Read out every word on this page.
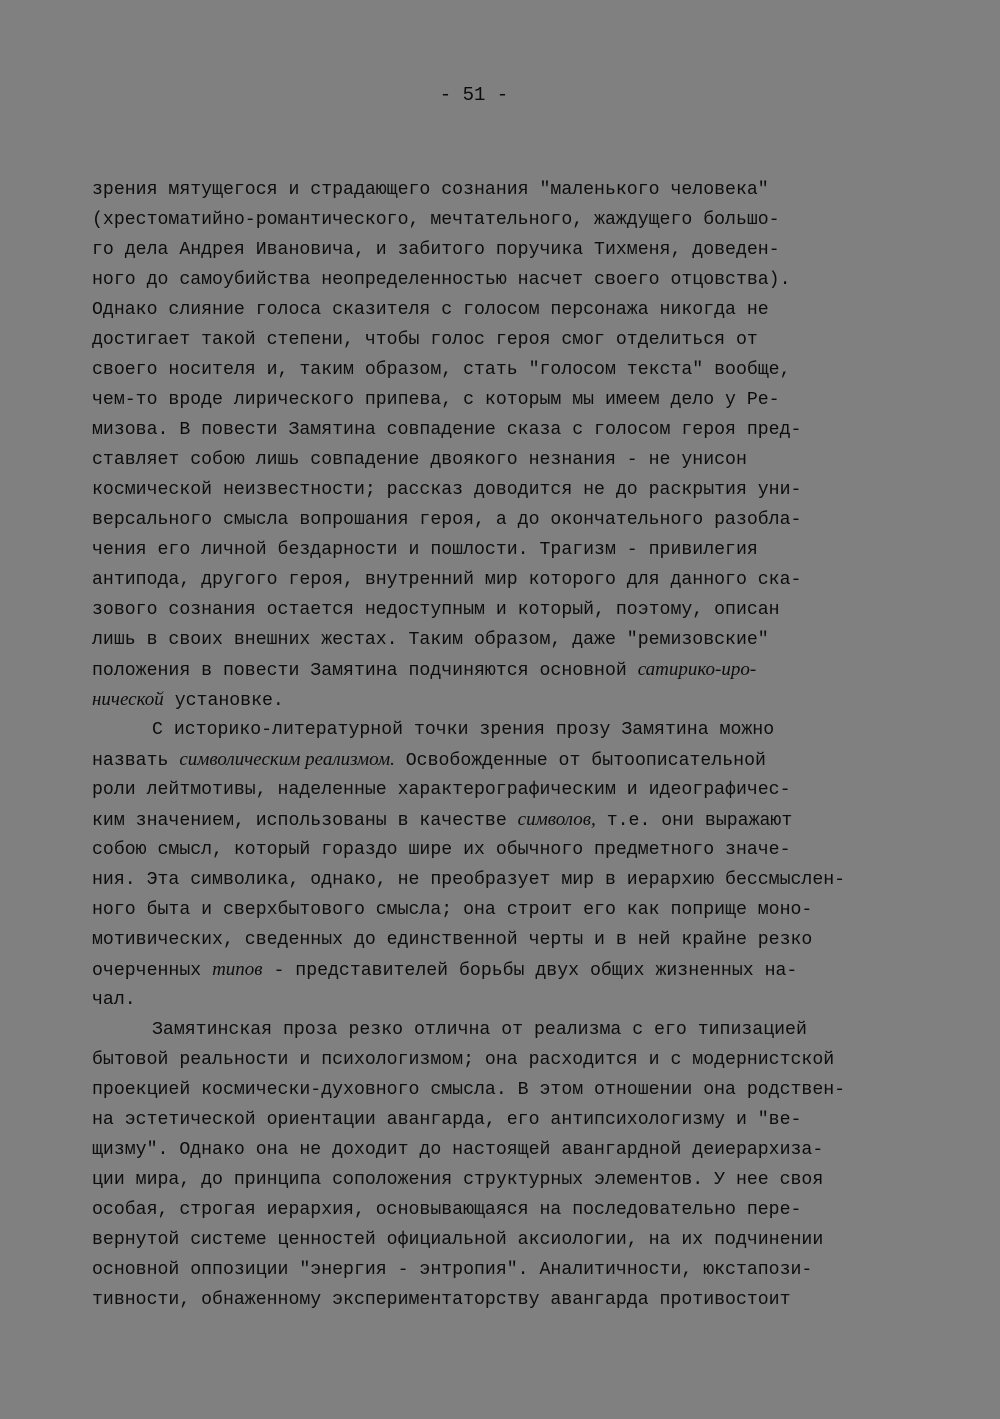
- 51 -
зрения мятущегося и страдающего сознания "маленького человека"
(хрестоматийно-романтического, мечтательного, жаждущего большо-
го дела Андрея Ивановича, и забитого поручика Тихменя, доведен-
ного до самоубийства неопределенностью насчет своего отцовства).
Однако слияние голоса сказителя с голосом персонажа никогда не
достигает такой степени, чтобы голос героя смог отделиться от
своего носителя и, таким образом, стать "голосом текста" вообще,
чем-то вроде лирического припева, с которым мы имеем дело у Ре-
мизова. В повести Замятина совпадение сказа с голосом героя пред-
ставляет собою лишь совпадение двоякого незнания - не унисон
космической неизвестности; рассказ доводится не до раскрытия уни-
версального смысла вопрошания героя, а до окончательного разобла-
чения его личной бездарности и пошлости. Трагизм - привилегия
антипода, другого героя, внутренний мир которого для данного ска-
зового сознания остается недоступным и который, поэтому, описан
лишь в своих внешних жестах. Таким образом, даже "ремизовские"
положения в повести Замятина подчиняются основной сатирико-иро-
нической установке.
С историко-литературной точки зрения прозу Замятина можно
назвать символическим реализмом. Освобожденные от бытоописательной
роли лейтмотивы, наделенные характерографическим и идеографичес-
ким значением, использованы в качестве символов, т.е. они выражают
собою смысл, который гораздо шире их обычного предметного значе-
ния. Эта символика, однако, не преобразует мир в иерархию бессмыслен-
ного быта и сверхбытового смысла; она строит его как поприще моно-
мотивических, сведенных до единственной черты и в ней крайне резко
очерченных типов - представителей борьбы двух общих жизненных на-
чал.
Замятинская проза резко отлична от реализма с его типизацией
бытовой реальности и психологизмом; она расходится и с модернистской
проекцией космически-духовного смысла. В этом отношении она родствен-
на эстетической ориентации авангарда, его антипсихологизму и "ве-
щизму". Однако она не доходит до настоящей авангардной деиерархиза-
ции мира, до принципа соположения структурных элементов. У нее своя
особая, строгая иерархия, основывающаяся на последовательно пере-
вернутой системе ценностей официальной аксиологии, на их подчинении
основной оппозиции "энергия - энтропия". Аналитичности, юкстапози-
тивности, обнаженному экспериментаторству авангарда противостоит
